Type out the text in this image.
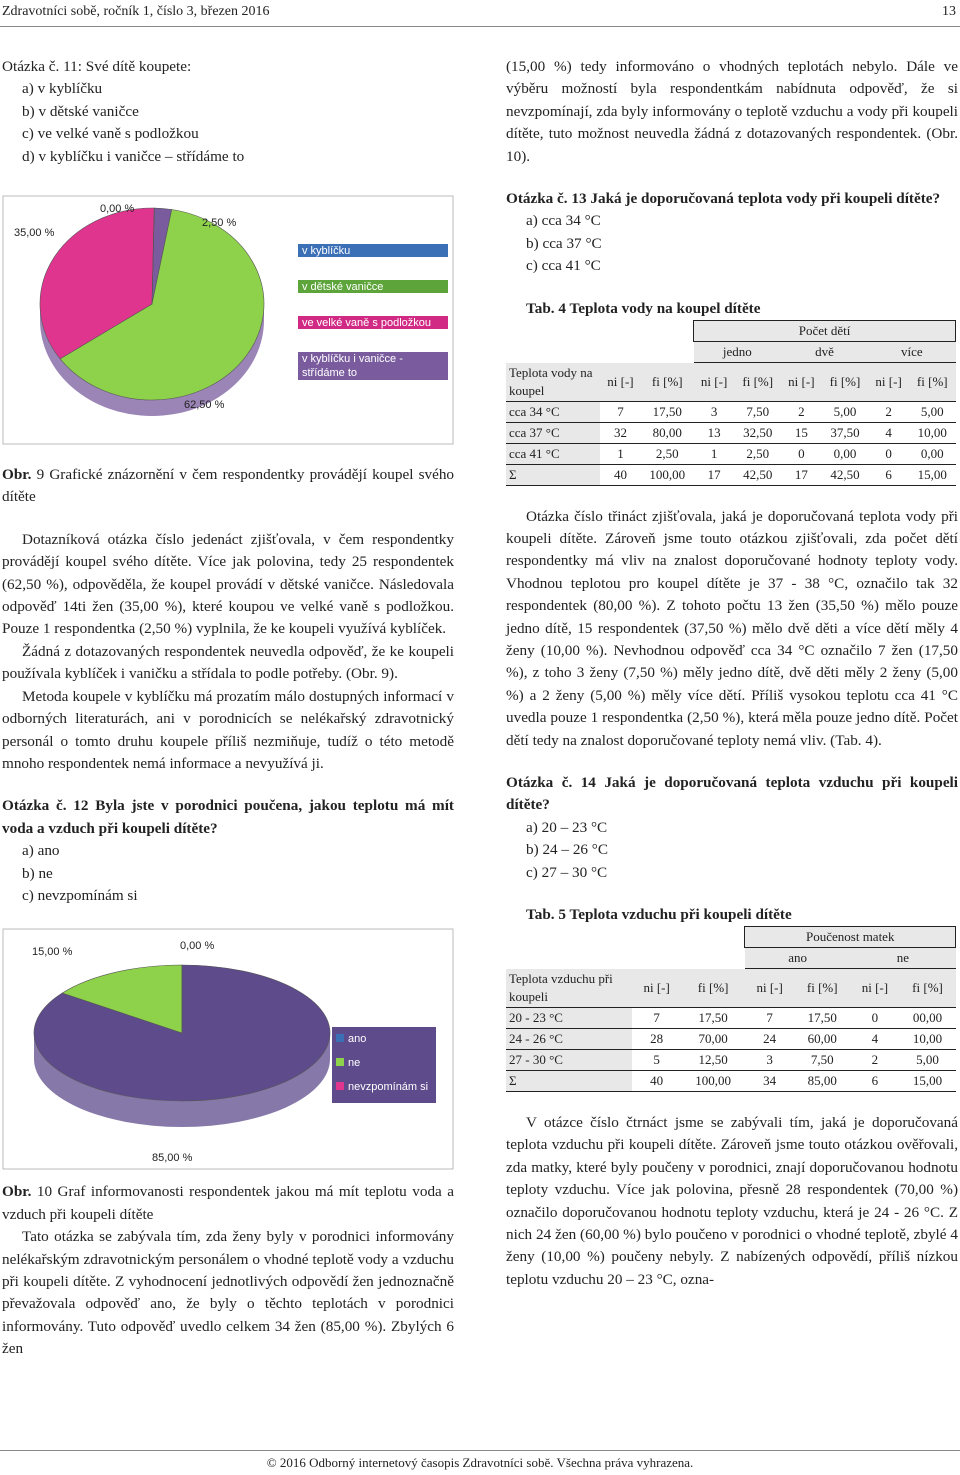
Zdravotníci sobě, ročník 1, číslo 3, březen 2016	13

Otázka č. 11: Své dítě koupete:

a) v kyblíčku

b) v dětské vaničce

c) ve velké vaně s podložkou

d) v kyblíčku i vaničce – střídáme to

v kyblíčku
v dětské vaničce
ve velké vaně s podložkou
v kyblíčku i vaničce -
střídáme to
0,00 %
2,50 %
35,00 %
62,50 %

Obr. 9 Grafické znázornění v čem respondentky provádějí koupel svého dítěte

Dotazníková otázka číslo jedenáct zjišťovala, v čem respondentky provádějí koupel svého dítěte. Více jak polovina, tedy 25 respondentek (62,50 %), odpověděla, že koupel provádí v dětské vaničce. Následovala odpověď 14ti žen (35,00 %), které koupou ve velké vaně s podložkou. Pouze 1 respondentka (2,50 %) vyplnila, že ke koupeli využívá kyblíček.

Žádná z dotazovaných respondentek neuvedla odpověď, že ke koupeli používala kyblíček i vaničku a střídala to podle potřeby. (Obr. 9).

Metoda koupele v kyblíčku má prozatím málo dostupných informací v odborných literaturách, ani v porodnicích se nelékařský zdravotnický personál o tomto druhu koupele příliš nezmiňuje, tudíž o této metodě mnoho respondentek nemá informace a nevyužívá ji.

Otázka č. 12 Byla jste v porodnici poučena, jakou teplotu má mít voda a vzduch při koupeli dítěte?

a) ano

b) ne

c) nevzpomínám si

ano
ne
nevzpomínám si
15,00 %	0,00 %
85,00 %

Obr. 10 Graf informovanosti respondentek jakou má mít teplotu voda a vzduch při koupeli dítěte

Tato otázka se zabývala tím, zda ženy byly v porodnici informovány nelékařským zdravotnickým personálem o vhodné teplotě vody a vzduchu při koupeli dítěte. Z vyhodnocení jednotlivých odpovědí žen jednoznačně převažovala odpověď ano, že byly o těchto teplotách v porodnici informovány. Tuto odpověď uvedlo celkem 34 žen (85,00 %). Zbylých 6 žen

(15,00 %) tedy informováno o vhodných teplotách nebylo. Dále ve výběru možností byla respondentkám nabídnuta odpověď, že si nevzpomínají, zda byly informovány o teplotě vzduchu a vody při koupeli dítěte, tuto možnost neuvedla žádná z dotazovaných respondentek. (Obr. 10).

Otázka č. 13 Jaká je doporučovaná teplota vody při koupeli dítěte?

a) cca 34 °C

b) cca 37 °C

c) cca 41 °C

Tab. 4 Teplota vody na koupel dítěte

			Počet dětí					
			jedno		dvě		více	
Teplota vody na koupel	ni [-]	fi [%]	ni [-]	fi [%]	ni [-]	fi [%]	ni [-]	fi [%]
cca 34 °C	7	17,50	3	7,50	2	5,00	2	5,00
cca 37 °C	32	80,00	13	32,50	15	37,50	4	10,00
cca 41 °C	1	2,50	1	2,50	0	0,00	0	0,00
Σ	40	100,00	17	42,50	17	42,50	6	15,00

Otázka číslo třináct zjišťovala, jaká je doporučovaná teplota vody při koupeli dítěte. Zároveň jsme touto otázkou zjišťovali, zda počet dětí respondentky má vliv na znalost doporučované hodnoty teploty vody. Vhodnou teplotou pro koupel dítěte je 37 - 38 °C, označilo tak 32 respondentek (80,00 %). Z tohoto počtu 13 žen (35,50 %) mělo pouze jedno dítě, 15 respondentek (37,50 %) mělo dvě děti a více dětí měly 4 ženy (10,00 %). Nevhodnou odpověď cca 34 °C označilo 7 žen (17,50 %), z toho 3 ženy (7,50 %) měly jedno dítě, dvě děti měly 2 ženy (5,00 %) a 2 ženy (5,00 %) měly více dětí. Příliš vysokou teplotu cca 41 °C uvedla pouze 1 respondentka (2,50 %), která měla pouze jedno dítě. Počet dětí tedy na znalost doporučované teploty nemá vliv. (Tab. 4).

Otázka č. 14 Jaká je doporučovaná teplota vzduchu při koupeli dítěte?

a) 20 – 23 °C

b) 24 – 26 °C

c) 27 – 30 °C

Tab. 5 Teplota vzduchu při koupeli dítěte

			Poučenost matek			
			ano		ne	
Teplota vzduchu při koupeli	ni [-]	fi [%]	ni [-]	fi [%]	ni [-]	fi [%]
20 - 23 °C	7	17,50	7	17,50	0	00,00
24 - 26 °C	28	70,00	24	60,00	4	10,00
27 - 30 °C	5	12,50	3	7,50	2	5,00
Σ	40	100,00	34	85,00	6	15,00

V otázce číslo čtrnáct jsme se zabývali tím, jaká je doporučovaná teplota vzduchu při koupeli dítěte. Zároveň jsme touto otázkou ověřovali, zda matky, které byly poučeny v porodnici, znají doporučovanou hodnotu teploty vzduchu. Více jak polovina, přesně 28 respondentek (70,00 %) označilo doporučovanou hodnotu teploty vzduchu, která je 24 - 26 °C. Z nich 24 žen (60,00 %) bylo poučeno v porodnici o vhodné teplotě, zbylé 4 ženy (10,00 %) poučeny nebyly. Z nabízených odpovědí, příliš nízkou teplotu vzduchu 20 – 23 °C, ozna-

© 2016 Odborný internetový časopis Zdravotníci sobě. Všechna práva vyhrazena.
